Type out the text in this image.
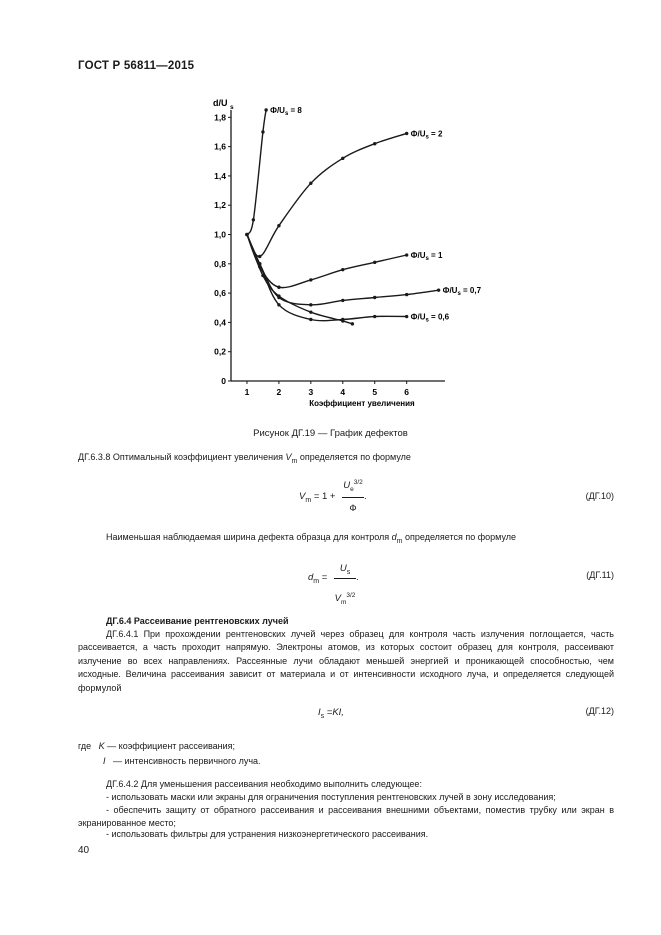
ГОСТ Р 56811—2015
d/U s
0
0,2
0,4
0,6
0,8
1,0
1,2
1,4
1,6
1,8
1	2	3	4	5	6
Коэффициент увеличения
$Ф/U_s = 8$
$Ф/U_s = 2$
$Ф/U_s = 1$
$Ф/U_s = 0,7$
$Ф/U_s = 0,6$
Рисунок ДГ.19 — График дефектов
ДГ.6.3.8 Оптимальный коэффициент увеличения $V_m$ определяется по формуле
$V_m = 1$ +
$U_e^{3/2}$
Ф
.	(ДГ.10)
Наименьшая наблюдаемая ширина дефекта образца для контроля $d_m$ определяется по формуле
$d_m$ =
$U_s$
$V_m^{3/2}$
.	(ДГ.11)
ДГ.6.4 Рассеивание рентгеновских лучей
ДГ.6.4.1 При прохождении рентгеновских лучей через образец для контроля часть излучения поглощается, часть рассеивается, а часть проходит напрямую. Электроны атомов, из которых состоит образец для контроля, рассеивают излучение во всех направлениях. Рассеянные лучи обладают меньшей энергией и проникающей способностью, чем исходные. Величина рассеивания зависит от материала и от интенсивности исходного луча, и определяется следующей формулой
$I_s =KI$,	(ДГ.12)
где K — коэффициент рассеивания;
I   — интенсивность первичного луча.
ДГ.6.4.2 Для уменьшения рассеивания необходимо выполнить следующее:
- использовать маски или экраны для ограничения поступления рентгеновских лучей в зону исследования;
- обеспечить защиту от обратного рассеивания и рассеивания внешними объектами, поместив трубку или экран в экранированное место;
- использовать фильтры для устранения низкоэнергетического рассеивания.
40
